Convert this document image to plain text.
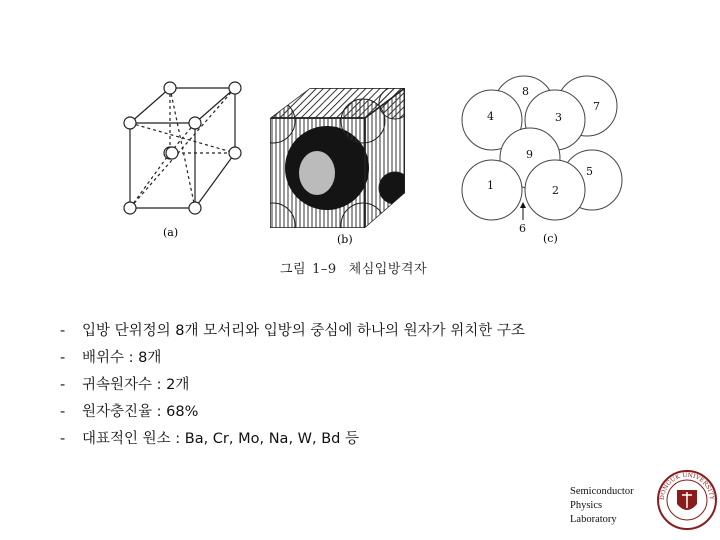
(a)
(b)
8
7
4	3
9
5
1	2
6
(c)
그림 1–9 체심입방격자
-	입방 단위정의 8개 모서리와 입방의 중심에 하나의 원자가 위치한 구조
-	배위수 : 8개
-	귀속원자수 : 2개
-	원자충진율 : 68%
-	대표적인 원소 : Ba, Cr, Mo, Na, W, Bd 등
Semiconductor
Physics
Laboratory
DONGUK UNIVERSITY
